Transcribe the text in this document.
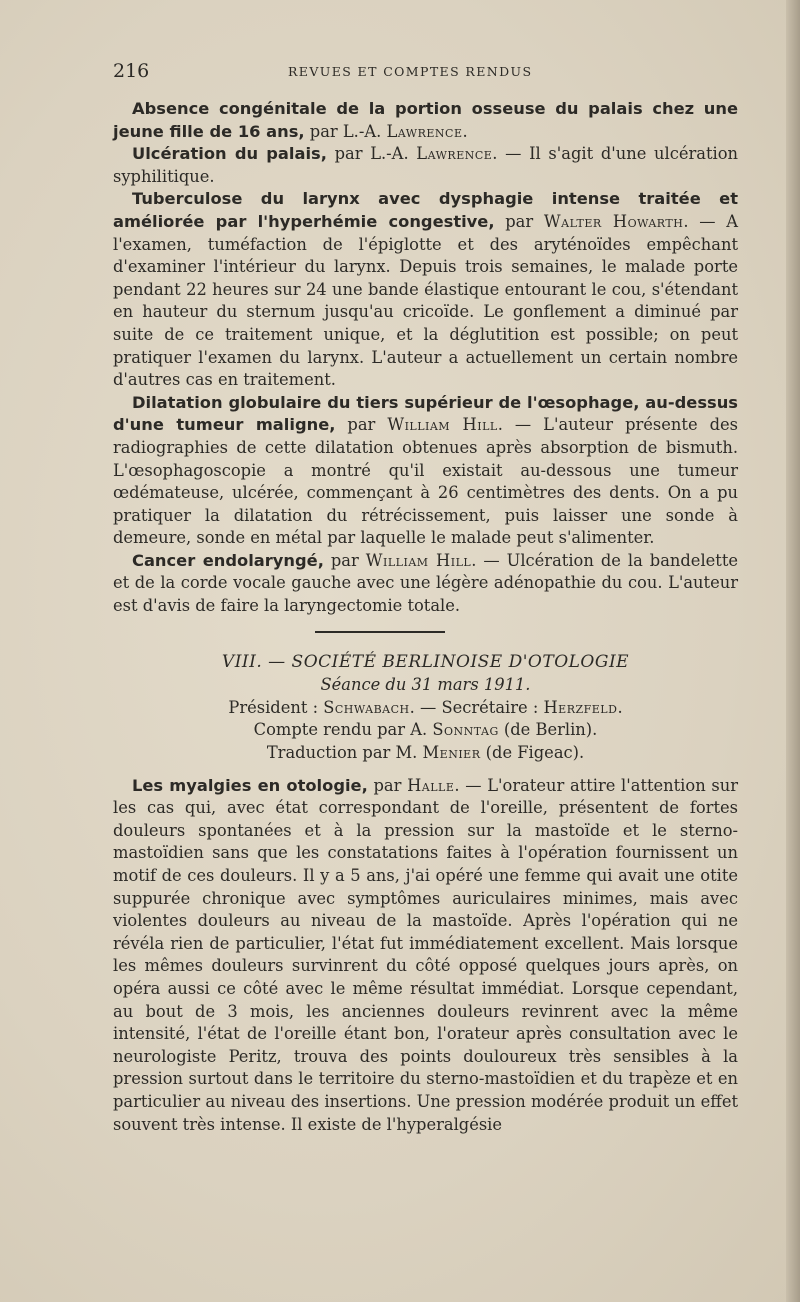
216	REVUES ET COMPTES RENDUS

Absence congénitale de la portion osseuse du palais chez une jeune fille de 16 ans, par L.-A. Lawrence.

Ulcération du palais, par L.-A. Lawrence. — Il s'agit d'une ulcération syphilitique.

Tuberculose du larynx avec dysphagie intense traitée et améliorée par l'hyperhémie congestive, par Walter Howarth. — A l'examen, tuméfaction de l'épiglotte et des aryténoïdes empêchant d'examiner l'intérieur du larynx. Depuis trois semaines, le malade porte pendant 22 heures sur 24 une bande élastique entourant le cou, s'étendant en hauteur du sternum jusqu'au cricoïde. Le gonflement a diminué par suite de ce traitement unique, et la déglutition est possible; on peut pratiquer l'examen du larynx. L'auteur a actuellement un certain nombre d'autres cas en traitement.

Dilatation globulaire du tiers supérieur de l'œsophage, au-dessus d'une tumeur maligne, par William Hill. — L'auteur présente des radiographies de cette dilatation obtenues après absorption de bismuth. L'œsophagoscopie a montré qu'il existait au-dessous une tumeur œdémateuse, ulcérée, commençant à 26 centimètres des dents. On a pu pratiquer la dilatation du rétrécissement, puis laisser une sonde à demeure, sonde en métal par laquelle le malade peut s'alimenter.

Cancer endolaryngé, par William Hill. — Ulcération de la bandelette et de la corde vocale gauche avec une légère adénopathie du cou. L'auteur est d'avis de faire la laryngectomie totale.

VIII. — SOCIÉTÉ BERLINOISE D'OTOLOGIE
Séance du 31 mars 1911.
Président : Schwabach. — Secrétaire : Herzfeld.
Compte rendu par A. Sonntag (de Berlin).
Traduction par M. Menier (de Figeac).

Les myalgies en otologie, par Halle. — L'orateur attire l'attention sur les cas qui, avec état correspondant de l'oreille, présentent de fortes douleurs spontanées et à la pression sur la mastoïde et le sterno-mastoïdien sans que les constatations faites à l'opération fournissent un motif de ces douleurs. Il y a 5 ans, j'ai opéré une femme qui avait une otite suppurée chronique avec symptômes auriculaires minimes, mais avec violentes douleurs au niveau de la mastoïde. Après l'opération qui ne révéla rien de particulier, l'état fut immédiatement excellent. Mais lorsque les mêmes douleurs survinrent du côté opposé quelques jours après, on opéra aussi ce côté avec le même résultat immédiat. Lorsque cependant, au bout de 3 mois, les anciennes douleurs revinrent avec la même intensité, l'état de l'oreille étant bon, l'orateur après consultation avec le neurologiste Peritz, trouva des points douloureux très sensibles à la pression surtout dans le territoire du sterno-mastoïdien et du trapèze et en particulier au niveau des insertions. Une pression modérée produit un effet souvent très intense. Il existe de l'hyperalgésie
